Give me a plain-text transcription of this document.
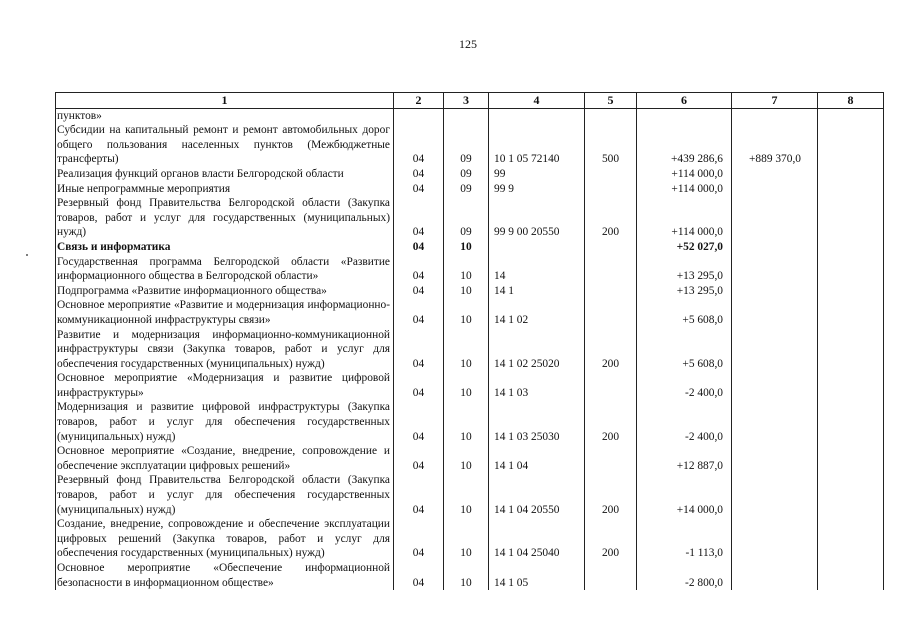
125
1	2	3	4	5	6	7	8
пунктов»							
Субсидии на капитальный ремонт и ремонт автомобильных дорог общего пользования населенных пунктов (Межбюджетные трансферты)	04	09	10 1 05 72140	500	+439 286,6	+889 370,0	
Реализация функций органов власти Белгородской области	04	09	99		+114 000,0		
Иные непрограммные мероприятия	04	09	99 9		+114 000,0		
Резервный фонд Правительства Белгородской области (Закупка товаров, работ и услуг для государственных (муниципальных) нужд)	04	09	99 9 00 20550	200	+114 000,0		
Связь и информатика	04	10			+52 027,0		
Государственная программа Белгородской области «Развитие информационного общества в Белгородской области»	04	10	14		+13 295,0		
Подпрограмма «Развитие информационного общества»	04	10	14 1		+13 295,0		
Основное мероприятие «Развитие и модернизация информационно-коммуникационной инфраструктуры связи»	04	10	14 1 02		+5 608,0		
Развитие и модернизация информационно-коммуникационной инфраструктуры связи (Закупка товаров, работ и услуг для обеспечения государственных (муниципальных) нужд)	04	10	14 1 02 25020	200	+5 608,0		
Основное мероприятие «Модернизация и развитие цифровой инфраструктуры»	04	10	14 1 03		-2 400,0		
Модернизация и развитие цифровой инфраструктуры (Закупка товаров, работ и услуг для обеспечения государственных (муниципальных) нужд)	04	10	14 1 03 25030	200	-2 400,0		
Основное мероприятие «Создание, внедрение, сопровождение и обеспечение эксплуатации цифровых решений»	04	10	14 1 04		+12 887,0		
Резервный фонд Правительства Белгородской области (Закупка товаров, работ и услуг для обеспечения государственных (муниципальных) нужд)	04	10	14 1 04 20550	200	+14 000,0		
Создание, внедрение, сопровождение и обеспечение эксплуатации цифровых решений (Закупка товаров, работ и услуг для обеспечения государственных (муниципальных) нужд)	04	10	14 1 04 25040	200	-1 113,0		
Основное мероприятие «Обеспечение информационной безопасности в информационном обществе»	04	10	14 1 05		-2 800,0		
